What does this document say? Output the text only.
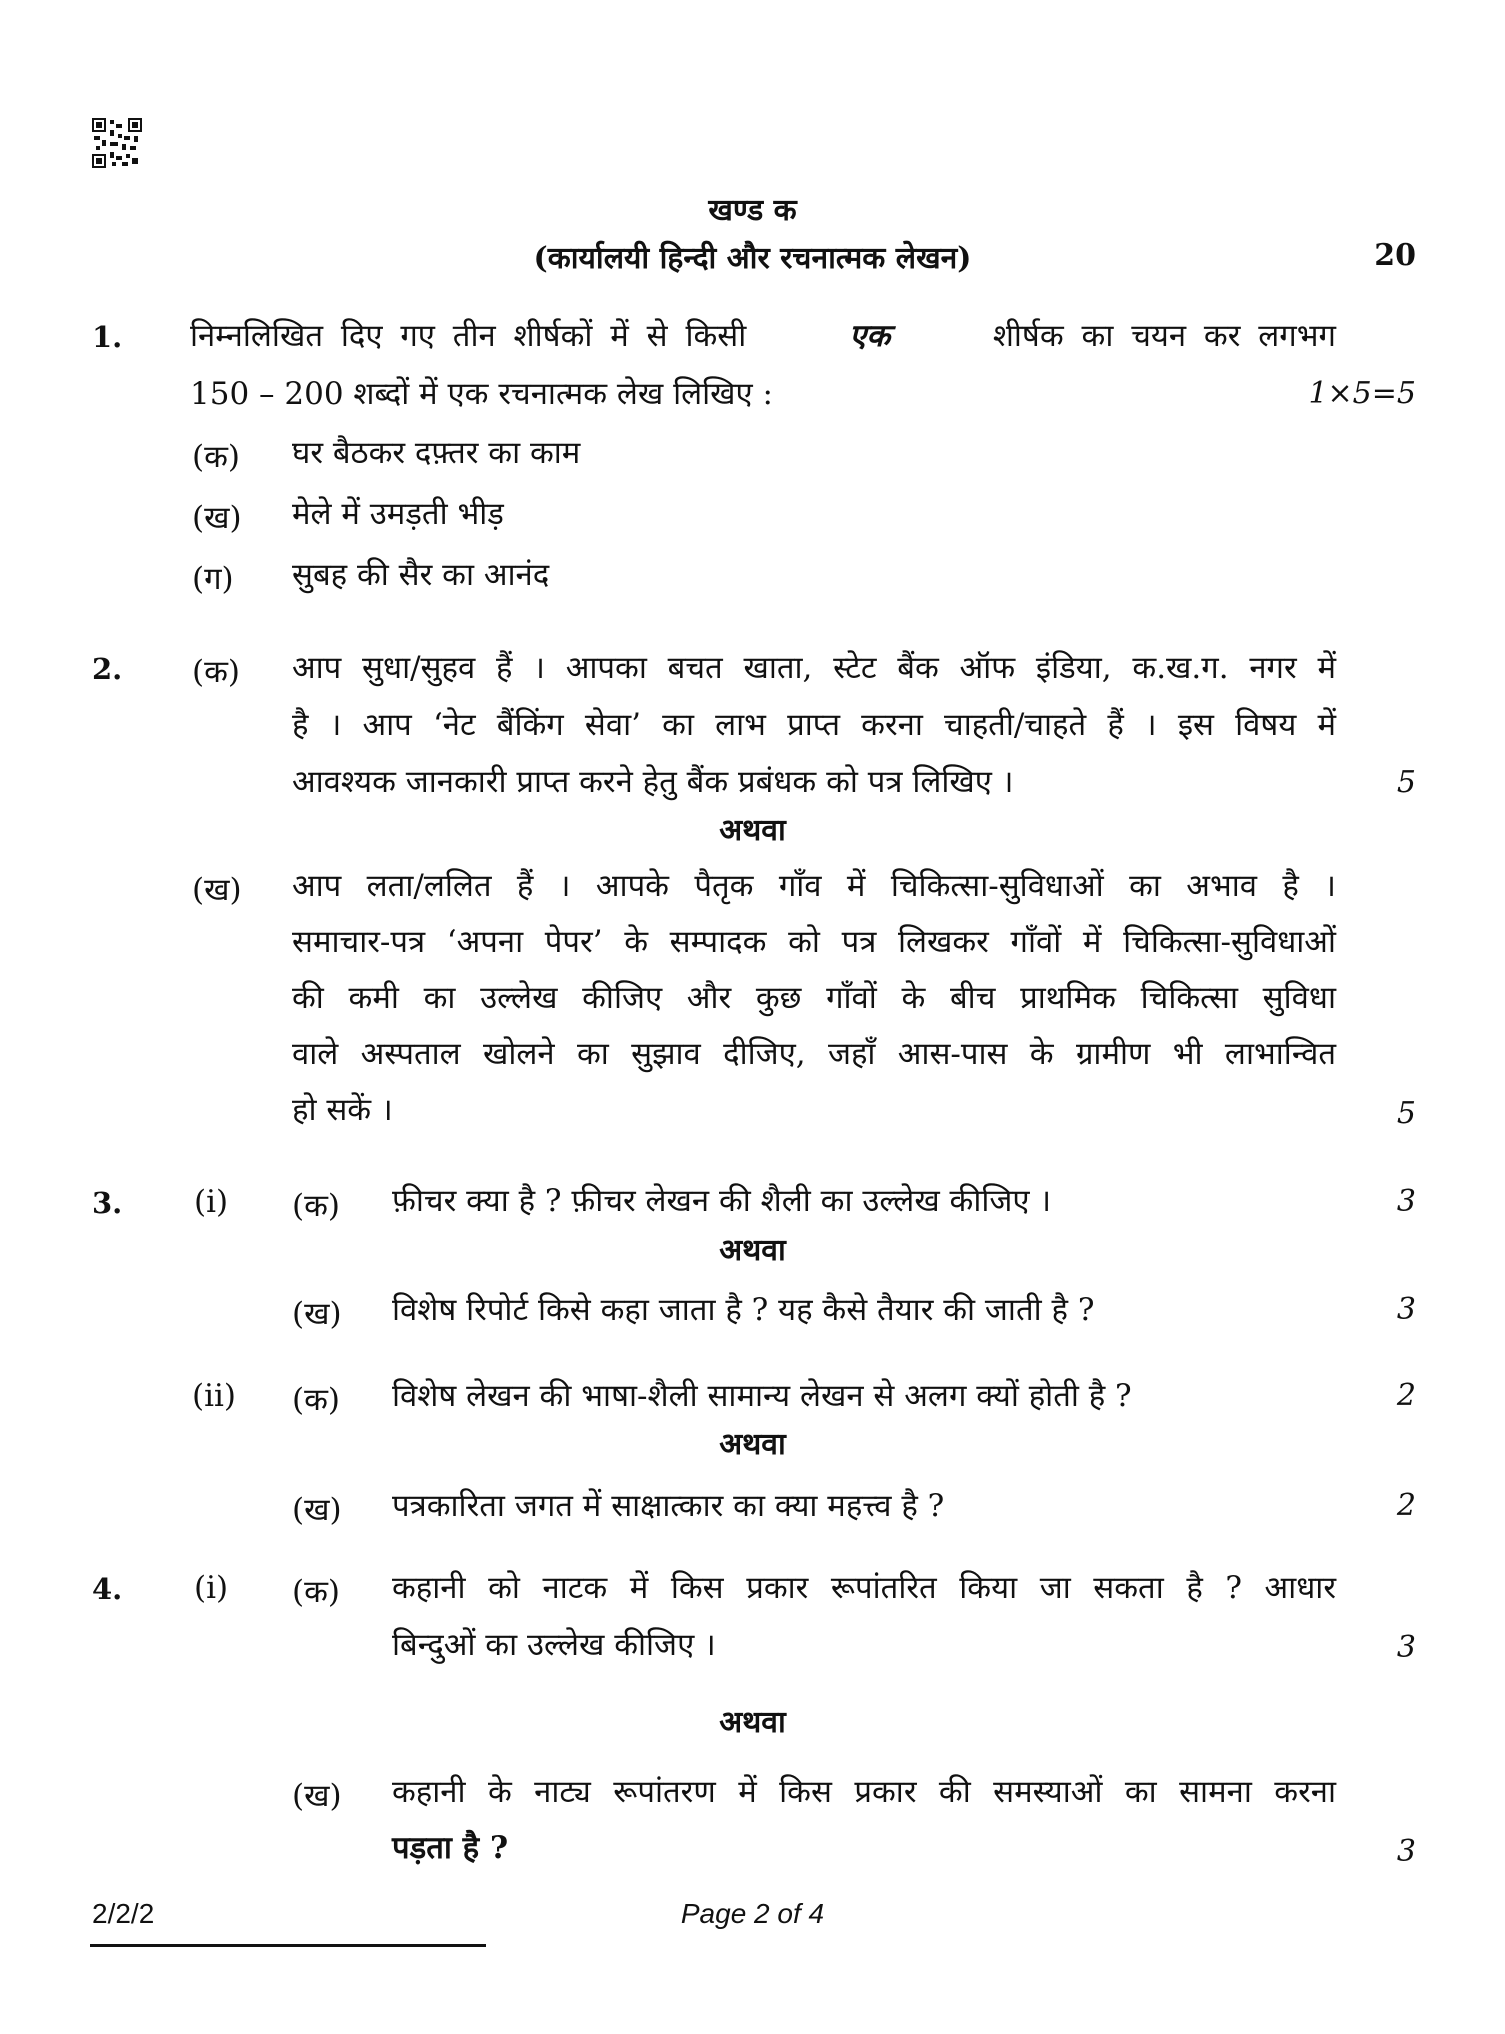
खण्ड क
(कार्यालयी हिन्दी और रचनात्मक लेखन)	20
1.	निम्नलिखित दिए गए तीन शीर्षकों में से किसी	एक	शीर्षक का चयन कर लगभग
150 – 200 शब्दों में एक रचनात्मक लेख लिखिए :	1×5=5
(क) घर बैठकर दफ़्तर का काम
(ख) मेले में उमड़ती भीड़
(ग) सुबह की सैर का आनंद
2.	(क) आप सुधा/सुहव हैं । आपका बचत खाता, स्टेट बैंक ऑफ इंडिया, क.ख.ग. नगर में
है । आप ‘नेट बैंकिंग सेवा’ का लाभ प्राप्त करना चाहती/चाहते हैं । इस विषय में
आवश्यक जानकारी प्राप्त करने हेतु बैंक प्रबंधक को पत्र लिखिए ।	5
अथवा
(ख) आप लता/ललित हैं । आपके पैतृक गाँव में चिकित्सा-सुविधाओं का अभाव है ।
समाचार-पत्र ‘अपना पेपर’ के सम्पादक को पत्र लिखकर गाँवों में चिकित्सा-सुविधाओं
की कमी का उल्लेख कीजिए और कुछ गाँवों के बीच प्राथमिक चिकित्सा सुविधा
वाले अस्पताल खोलने का सुझाव दीजिए, जहाँ आस-पास के ग्रामीण भी लाभान्वित
हो सकें ।	5
3.	(i) (क) फ़ीचर क्या है ? फ़ीचर लेखन की शैली का उल्लेख कीजिए ।	3
अथवा
(ख) विशेष रिपोर्ट किसे कहा जाता है ? यह कैसे तैयार की जाती है ?	3
(ii) (क) विशेष लेखन की भाषा-शैली सामान्य लेखन से अलग क्यों होती है ?	2
अथवा
(ख) पत्रकारिता जगत में साक्षात्कार का क्या महत्त्व है ?	2
4.	(i) (क) कहानी को नाटक में किस प्रकार रूपांतरित किया जा सकता है ? आधार
बिन्दुओं का उल्लेख कीजिए ।	3
अथवा
(ख) कहानी के नाट्य रूपांतरण में किस प्रकार की समस्याओं का सामना करना
पड़ता है ?	3
2/2/2	Page 2 of 4
